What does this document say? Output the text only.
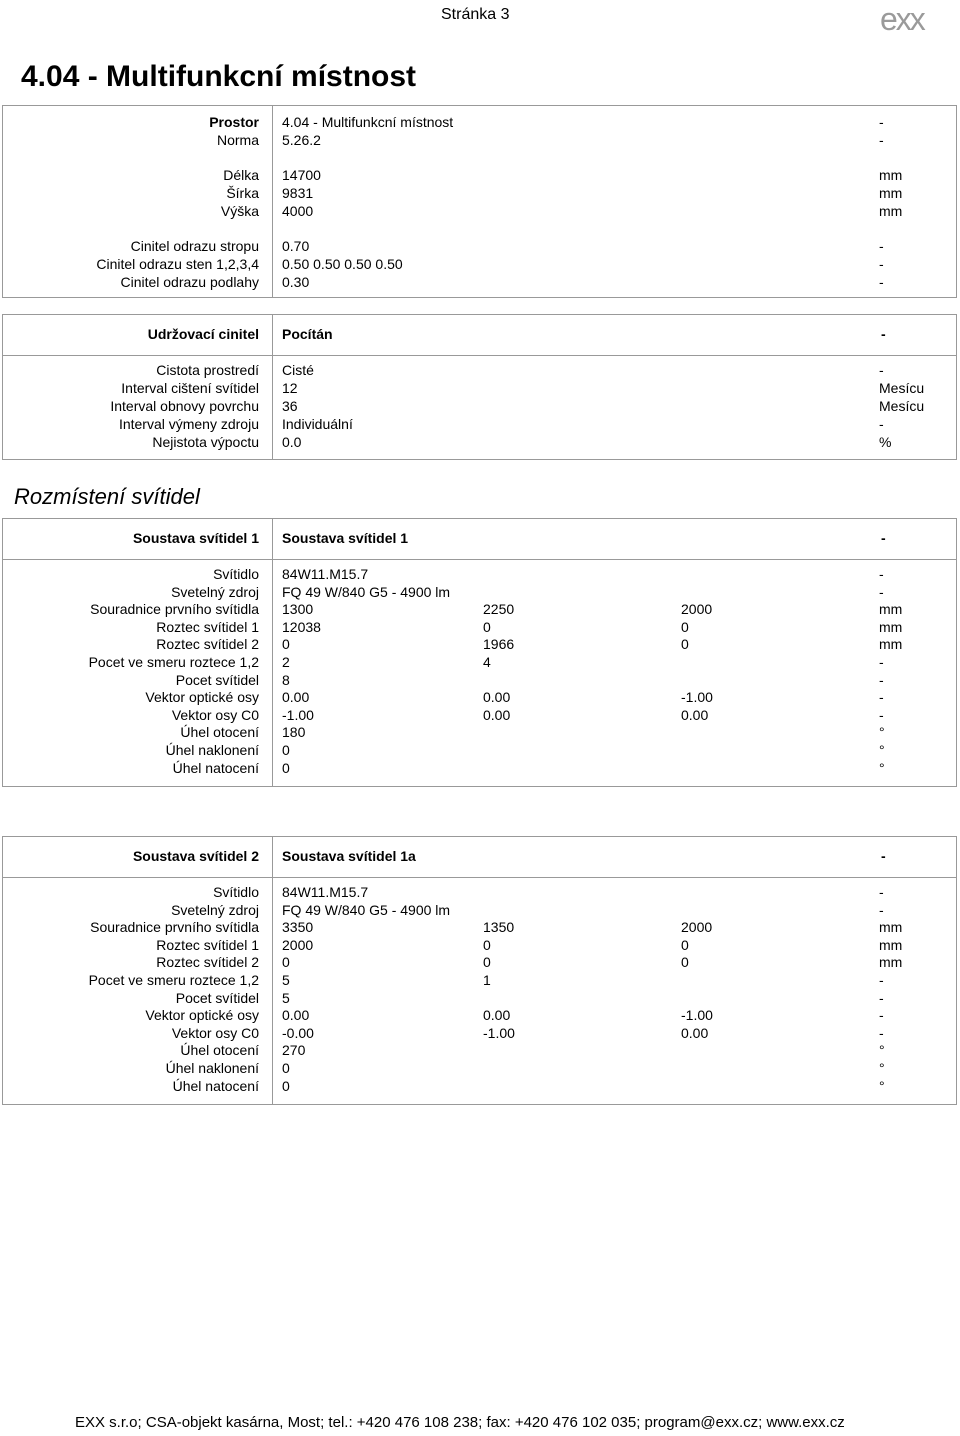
Stránka 3	exx
4.04 - Multifunkcní místnost
Prostor 4.04 - Multifunkcní místnost	-
Norma 5.26.2	-
Délka 14700	mm
Šírka 9831	mm
Výška 4000	mm
Cinitel odrazu stropu 0.70	-
Cinitel odrazu sten 1,2,3,4 0.50 0.50 0.50 0.50	-
Cinitel odrazu podlahy 0.30	-
Udržovací cinitel Pocítán	-
Cistota prostredí Cisté	-
Interval cištení svítidel 12	Mesícu
Interval obnovy povrchu 36	Mesícu
Interval výmeny zdroju Individuální	-
Nejistota výpoctu 0.0	%
Rozmístení svítidel
Soustava svítidel 1 Soustava svítidel 1	-
Svítidlo 84W11.M15.7	-
Svetelný zdroj FQ 49 W/840 G5 - 4900 lm	-
Souradnice prvního svítidla 1300	2250	2000	mm
Roztec svítidel 1 12038	0	0	mm
Roztec svítidel 2 0	1966	0	mm
Pocet ve smeru roztece 1,2 2	4	-
Pocet svítidel 8	-
Vektor optické osy 0.00	0.00	-1.00	-
Vektor osy C0 -1.00	0.00	0.00	-
Úhel otocení 180	°
Úhel naklonení 0	°
Úhel natocení 0	°
Soustava svítidel 2 Soustava svítidel 1a	-
Svítidlo 84W11.M15.7	-
Svetelný zdroj FQ 49 W/840 G5 - 4900 lm	-
Souradnice prvního svítidla 3350	1350	2000	mm
Roztec svítidel 1 2000	0	0	mm
Roztec svítidel 2 0	0	0	mm
Pocet ve smeru roztece 1,2 5	1	-
Pocet svítidel 5	-
Vektor optické osy 0.00	0.00	-1.00	-
Vektor osy C0 -0.00	-1.00	0.00	-
Úhel otocení 270	°
Úhel naklonení 0	°
Úhel natocení 0	°
EXX s.r.o; CSA-objekt kasárna, Most; tel.: +420 476 108 238; fax: +420 476 102 035; program@exx.cz; www.exx.cz
